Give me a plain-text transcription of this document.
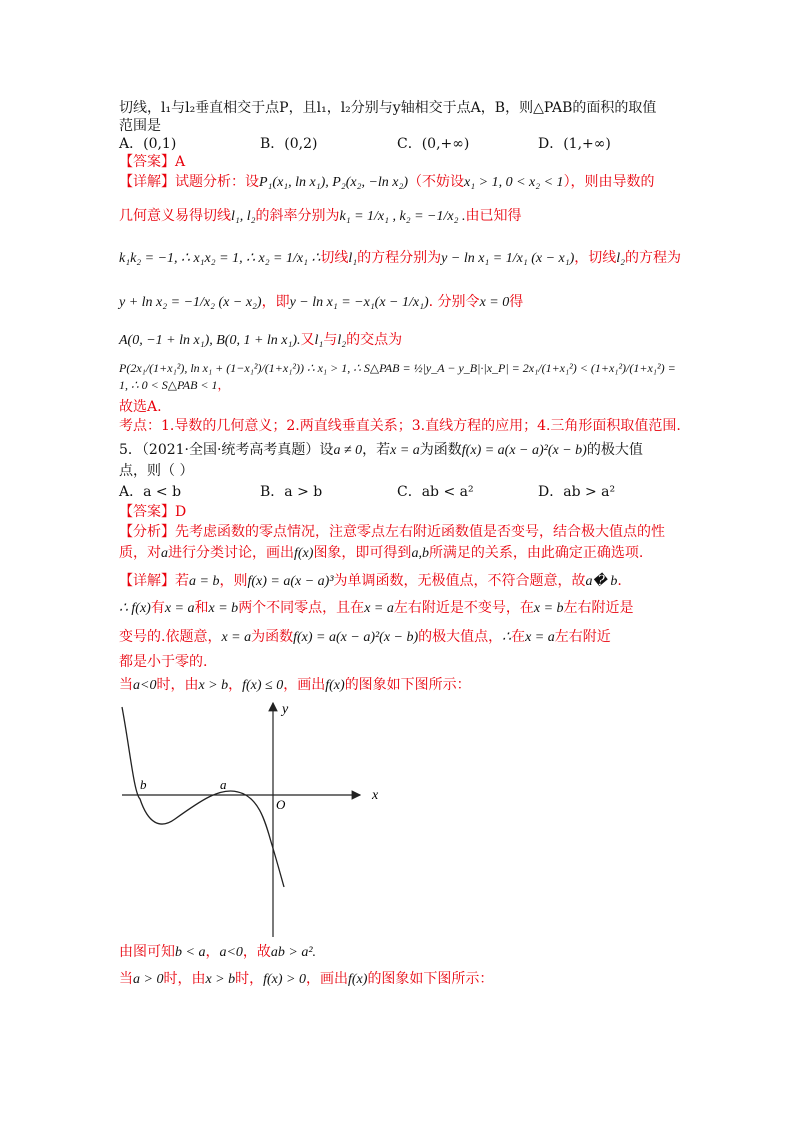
切线，l₁与l₂垂直相交于点P，且l₁，l₂分别与y轴相交于点A，B，则△PAB的面积的取值
范围是
A．(0,1)	B．(0,2)	C．(0,+∞)	D．(1,+∞)
【答案】A
【详解】试题分析：设P₁(x₁, ln x₁), P₂(x₂, −ln x₂)（不妨设x₁ > 1, 0 < x₂ < 1），则由导数的
几何意义易得切线l₁, l₂的斜率分别为k₁ = 1/x₁ , k₂ = −1/x₂ .由已知得
k₁k₂ = −1, ∴ x₁x₂ = 1, ∴ x₂ = 1/x₁ ∴切线l₁的方程分别为y − ln x₁ = 1/x₁ (x − x₁)，切线l₂的方程为
y + ln x₂ = −1/x₂ (x − x₂)，即y − ln x₁ = −x₁(x − 1/x₁). 分别令x = 0得
A(0, −1 + ln x₁), B(0, 1 + ln x₁).又l₁与l₂的交点为
P(2x₁/(1+x₁²), ln x₁ + (1−x₁²)/(1+x₁²)) ∴ x₁ > 1, ∴ S△PAB = ½|y_A − y_B|·|x_P| = 2x₁/(1+x₁²) < (1+x₁²)/(1+x₁²) = 1, ∴ 0 < S△PAB < 1，
故选A.
考点：1.导数的几何意义；2.两直线垂直关系；3.直线方程的应用；4.三角形面积取值范围.
5．（2021·全国·统考高考真题）设a ≠ 0，若x = a为函数f(x) = a(x − a)²(x − b)的极大值
点，则（ ）
A．a < b	B．a > b	C．ab < a²	D．ab > a²
【答案】D
【分析】先考虑函数的零点情况，注意零点左右附近函数值是否变号，结合极大值点的性
质，对a进行分类讨论，画出f(x)图象，即可得到a,b所满足的关系，由此确定正确选项.
【详解】若a = b，则f(x) = a(x − a)³为单调函数，无极值点，不符合题意，故a� b.
∴ f(x)有x = a和x = b两个不同零点，且在x = a左右附近是不变号，在x = b左右附近是
变号的.依题意，x = a为函数f(x) = a(x − a)²(x − b)的极大值点，∴在x = a左右附近
都是小于零的.
当a<0时，由x > b，f(x) ≤ 0，画出f(x)的图象如下图所示：
y
x
b	a
O
由图可知b < a，a<0，故ab > a².
当a > 0时，由x > b时，f(x) > 0，画出f(x)的图象如下图所示：
